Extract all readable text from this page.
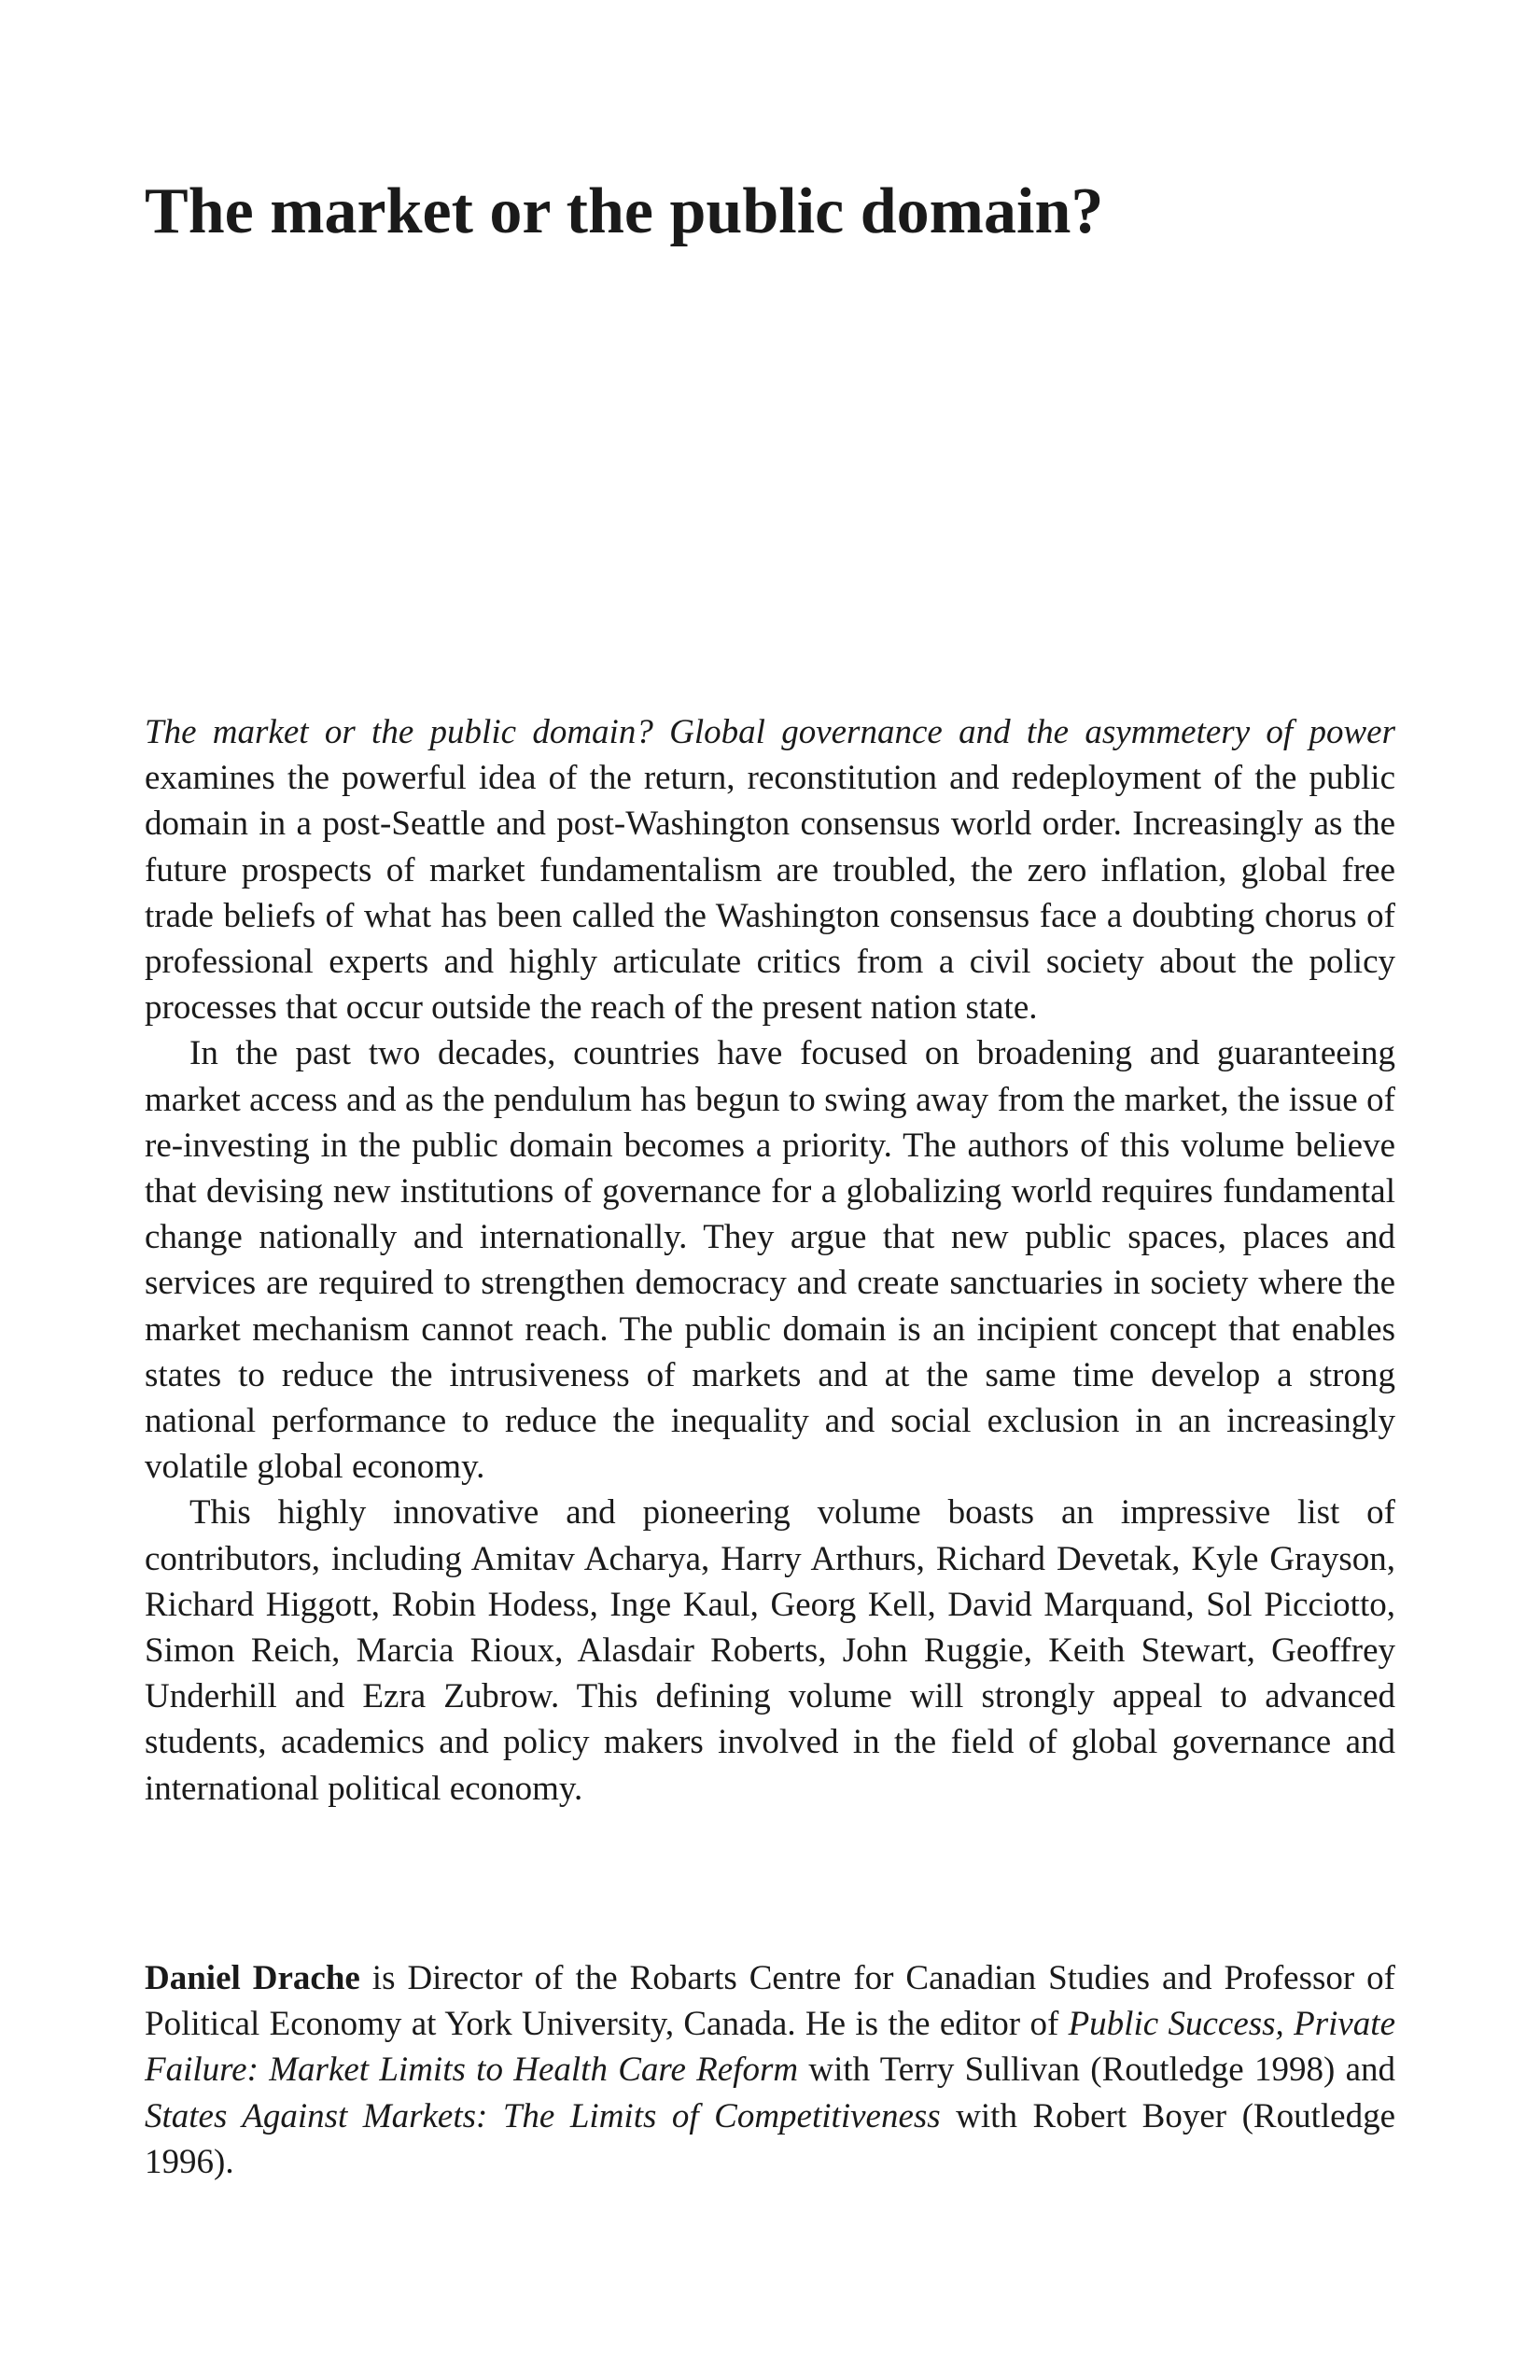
The market or the public domain?

The market or the public domain? Global governance and the asymmetery of power examines the powerful idea of the return, reconstitution and redeployment of the public domain in a post-Seattle and post-Washington consensus world order. Increasingly as the future prospects of market fundamentalism are troubled, the zero inflation, global free trade beliefs of what has been called the Washington consensus face a doubting chorus of professional experts and highly articulate critics from a civil society about the policy processes that occur outside the reach of the present nation state.

In the past two decades, countries have focused on broadening and guaranteeing market access and as the pendulum has begun to swing away from the market, the issue of re-investing in the public domain becomes a priority. The authors of this volume believe that devising new institutions of governance for a globalizing world requires fundamental change nationally and internationally. They argue that new public spaces, places and services are required to strengthen democracy and create sanctuaries in society where the market mechanism cannot reach. The public domain is an incipient concept that enables states to reduce the intrusiveness of markets and at the same time develop a strong national performance to reduce the inequality and social exclusion in an increasingly volatile global economy.

This highly innovative and pioneering volume boasts an impressive list of contributors, including Amitav Acharya, Harry Arthurs, Richard Devetak, Kyle Grayson, Richard Higgott, Robin Hodess, Inge Kaul, Georg Kell, David Marquand, Sol Picciotto, Simon Reich, Marcia Rioux, Alasdair Roberts, John Ruggie, Keith Stewart, Geoffrey Underhill and Ezra Zubrow. This defining volume will strongly appeal to advanced students, academics and policy makers involved in the field of global governance and international political economy.

Daniel Drache is Director of the Robarts Centre for Canadian Studies and Professor of Political Economy at York University, Canada. He is the editor of Public Success, Private Failure: Market Limits to Health Care Reform with Terry Sullivan (Routledge 1998) and States Against Markets: The Limits of Competitiveness with Robert Boyer (Routledge 1996).
